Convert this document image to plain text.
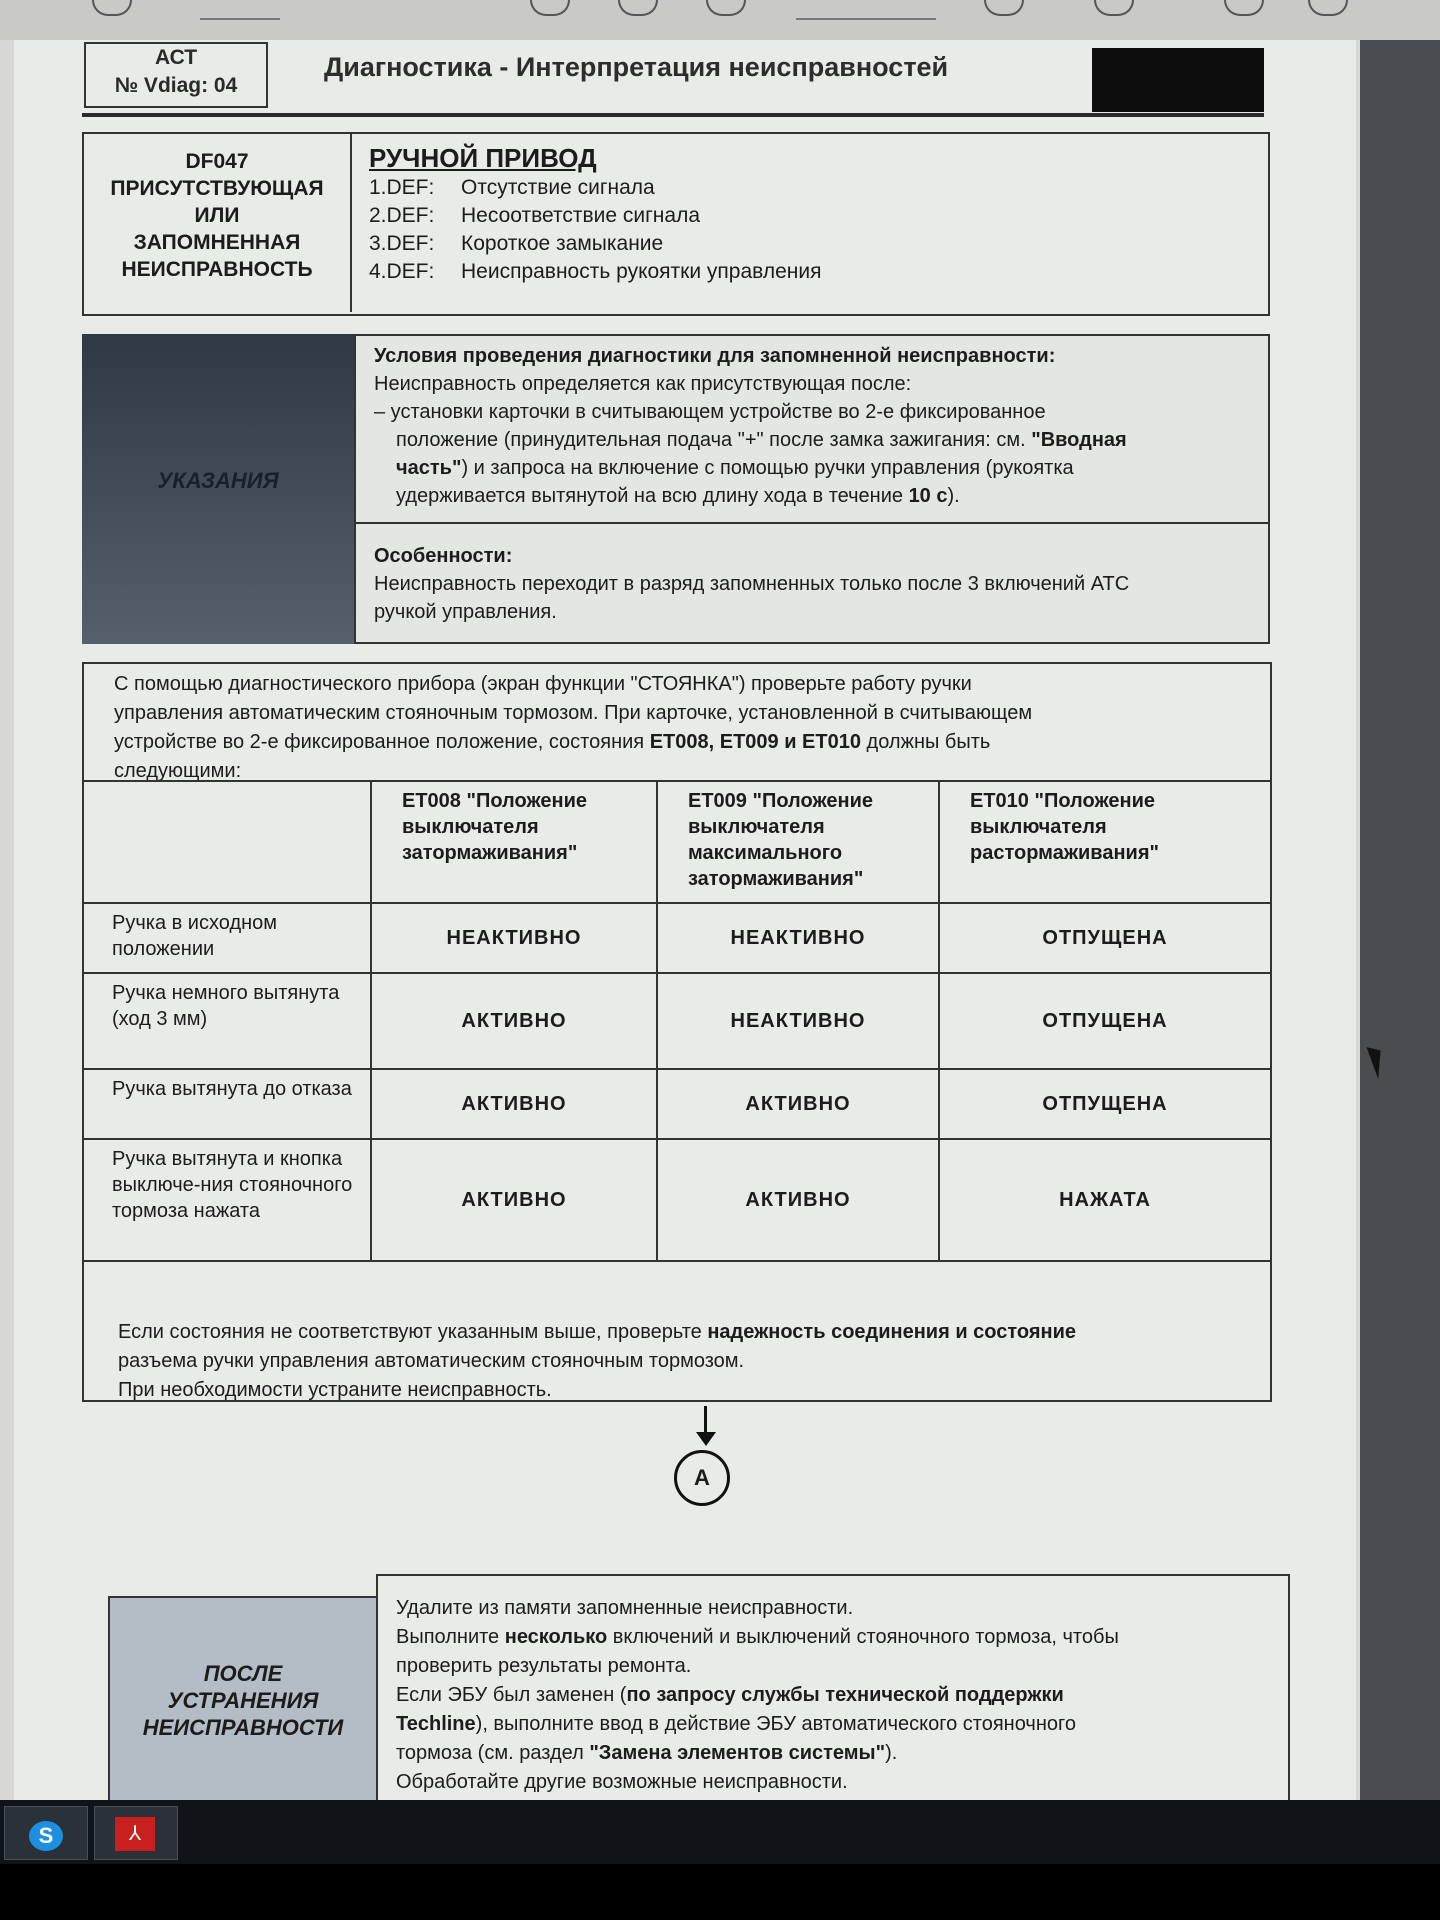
АСТ
№ Vdiag: 04
Диагностика - Интерпретация неисправностей
DF047
ПРИСУТСТВУЮЩАЯ
ИЛИ
ЗАПОМНЕННАЯ
НЕИСПРАВНОСТЬ
РУЧНОЙ ПРИВОД
1.DEF: Отсутствие сигнала
2.DEF: Несоответствие сигнала
3.DEF: Короткое замыкание
4.DEF: Неисправность рукоятки управления
УКАЗАНИЯ
Условия проведения диагностики для запомненной неисправности:
Неисправность определяется как присутствующая после:
– установки карточки в считывающем устройстве во 2-е фиксированное
положение (принудительная подача "+" после замка зажигания: см. "Вводная
часть") и запроса на включение с помощью ручки управления (рукоятка
удерживается вытянутой на всю длину хода в течение 10 с).
Особенности:
Неисправность переходит в разряд запомненных только после 3 включений АТС
ручкой управления.
С помощью диагностического прибора (экран функции "СТОЯНКА") проверьте работу ручки
управления автоматическим стояночным тормозом. При карточке, установленной в считывающем
устройстве во 2-е фиксированное положение, состояния ЕТ008, ЕТ009 и ЕТ010 должны быть
следующими:
	ЕТ008 "Положение выключателя затормаживания"	ЕТ009 "Положение выключателя максимального затормаживания"	ЕТ010 "Положение выключателя растормаживания"
Ручка в исходном положении	НЕАКТИВНО	НЕАКТИВНО	ОТПУЩЕНА
Ручка немного вытянута (ход 3 мм)	АКТИВНО	НЕАКТИВНО	ОТПУЩЕНА
Ручка вытянута до отказа	АКТИВНО	АКТИВНО	ОТПУЩЕНА
Ручка вытянута и кнопка выключе-ния стояночного тормоза нажата	АКТИВНО	АКТИВНО	НАЖАТА
Если состояния не соответствуют указанным выше, проверьте надежность соединения и состояние
разъема ручки управления автоматическим стояночным тормозом.
При необходимости устраните неисправность.
A
ПОСЛЕ
УСТРАНЕНИЯ
НЕИСПРАВНОСТИ
Удалите из памяти запомненные неисправности.
Выполните несколько включений и выключений стояночного тормоза, чтобы
проверить результаты ремонта.
Если ЭБУ был заменен (по запросу службы технической поддержки
Techline), выполните ввод в действие ЭБУ автоматического стояночного
тормоза (см. раздел "Замена элементов системы").
Обработайте другие возможные неисправности.
S	⅄
